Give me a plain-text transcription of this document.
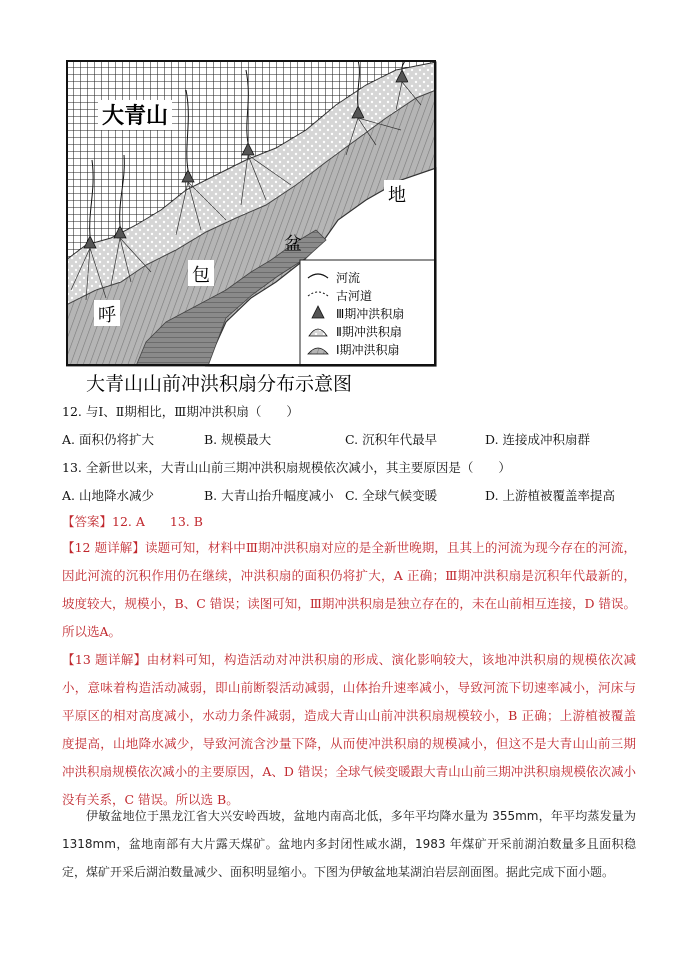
大青山
地
盆
包
呼
河流
古河道
Ⅲ期冲洪积扇
Ⅱ期冲洪积扇
Ⅰ期冲洪积扇
大青山山前冲洪积扇分布示意图
12. 与Ⅰ、Ⅱ期相比，Ⅲ期冲洪积扇（　　）
A. 面积仍将扩大	B. 规模最大	C. 沉积年代最早	D. 连接成冲积扇群
13. 全新世以来，大青山山前三期冲洪积扇规模依次减小，其主要原因是（　　）
A. 山地降水减少	B. 大青山抬升幅度减小 C. 全球气候变暖	D. 上游植被覆盖率提高
【答案】12. A　　13. B
【12 题详解】读题可知，材料中Ⅲ期冲洪积扇对应的是全新世晚期，且其上的河流为现今存在的河流，因此河流的沉积作用仍在继续，冲洪积扇的面积仍将扩大，A 正确；Ⅲ期冲洪积扇是沉积年代最新的，坡度较大，规模小，B、C 错误；读图可知，Ⅲ期冲洪积扇是独立存在的，未在山前相互连接，D 错误。所以选A。
【13 题详解】由材料可知，构造活动对冲洪积扇的形成、演化影响较大，该地冲洪积扇的规模依次减小，意味着构造活动减弱，即山前断裂活动减弱，山体抬升速率减小，导致河流下切速率减小，河床与平原区的相对高度减小，水动力条件减弱，造成大青山山前冲洪积扇规模较小，B 正确；上游植被覆盖度提高，山地降水减少，导致河流含沙量下降，从而使冲洪积扇的规模减小，但这不是大青山山前三期冲洪积扇规模依次减小的主要原因，A、D 错误；全球气候变暖跟大青山山前三期冲洪积扇规模依次减小没有关系，C 错误。所以选 B。
伊敏盆地位于黑龙江省大兴安岭西坡，盆地内南高北低，多年平均降水量为 355mm，年平均蒸发量为 1318mm，盆地南部有大片露天煤矿。盆地内多封闭性咸水湖，1983 年煤矿开采前湖泊数量多且面积稳定，煤矿开采后湖泊数量减少、面积明显缩小。下图为伊敏盆地某湖泊岩层剖面图。据此完成下面小题。
